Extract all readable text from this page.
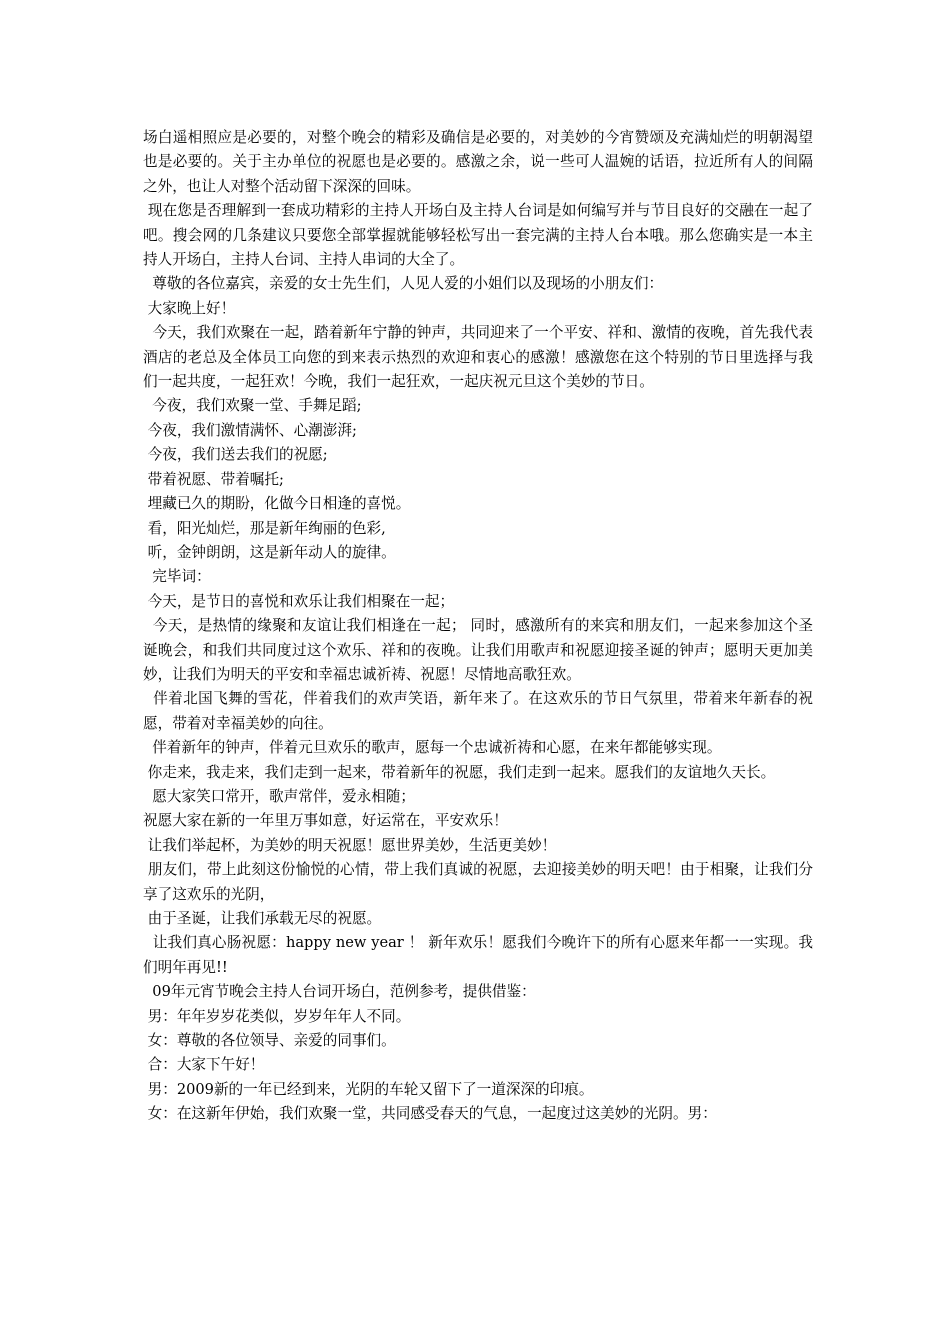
场白遥相照应是必要的，对整个晚会的精彩及确信是必要的，对美妙的今宵赞颂及充满灿烂的明朝渴望也是必要的。关于主办单位的祝愿也是必要的。感激之余，说一些可人温婉的话语，拉近所有人的间隔之外，也让人对整个活动留下深深的回味。

现在您是否理解到一套成功精彩的主持人开场白及主持人台词是如何编写并与节目良好的交融在一起了吧。搜会网的几条建议只要您全部掌握就能够轻松写出一套完满的主持人台本哦。那么您确实是一本主持人开场白，主持人台词、主持人串词的大全了。

尊敬的各位嘉宾，亲爱的女士先生们，人见人爱的小姐们以及现场的小朋友们：

大家晚上好！

今天，我们欢聚在一起，踏着新年宁静的钟声，共同迎来了一个平安、祥和、激情的夜晚，首先我代表酒店的老总及全体员工向您的到来表示热烈的欢迎和衷心的感激！感激您在这个特别的节日里选择与我们一起共度，一起狂欢！今晚，我们一起狂欢，一起庆祝元旦这个美妙的节日。

今夜，我们欢聚一堂、手舞足蹈;

今夜，我们激情满怀、心潮澎湃;

今夜，我们送去我们的祝愿;

带着祝愿、带着嘱托;

埋藏已久的期盼，化做今日相逢的喜悦。

看，阳光灿烂，那是新年绚丽的色彩,

听，金钟朗朗，这是新年动人的旋律。

完毕词：

今天，是节日的喜悦和欢乐让我们相聚在一起；

今天，是热情的缘聚和友谊让我们相逢在一起； 同时，感激所有的来宾和朋友们，一起来参加这个圣诞晚会，和我们共同度过这个欢乐、祥和的夜晚。让我们用歌声和祝愿迎接圣诞的钟声；愿明天更加美妙，让我们为明天的平安和幸福忠诚祈祷、祝愿！尽情地高歌狂欢。

伴着北国飞舞的雪花，伴着我们的欢声笑语，新年来了。在这欢乐的节日气氛里，带着来年新春的祝愿，带着对幸福美妙的向往。

伴着新年的钟声，伴着元旦欢乐的歌声，愿每一个忠诚祈祷和心愿，在来年都能够实现。

你走来，我走来，我们走到一起来，带着新年的祝愿，我们走到一起来。愿我们的友谊地久天长。

愿大家笑口常开，歌声常伴，爱永相随；

祝愿大家在新的一年里万事如意，好运常在，平安欢乐！

让我们举起杯，为美妙的明天祝愿！愿世界美妙，生活更美妙！

朋友们，带上此刻这份愉悦的心情，带上我们真诚的祝愿，去迎接美妙的明天吧！由于相聚，让我们分享了这欢乐的光阴，

由于圣诞，让我们承载无尽的祝愿。

让我们真心肠祝愿：happy new year ！ 新年欢乐！愿我们今晚许下的所有心愿来年都一一实现。我们明年再见!!

09年元宵节晚会主持人台词开场白，范例参考，提供借鉴：

男：年年岁岁花类似，岁岁年年人不同。

女：尊敬的各位领导、亲爱的同事们。

合：大家下午好！

男：2009新的一年已经到来，光阴的车轮又留下了一道深深的印痕。

女：在这新年伊始，我们欢聚一堂，共同感受春天的气息，一起度过这美妙的光阴。男：
